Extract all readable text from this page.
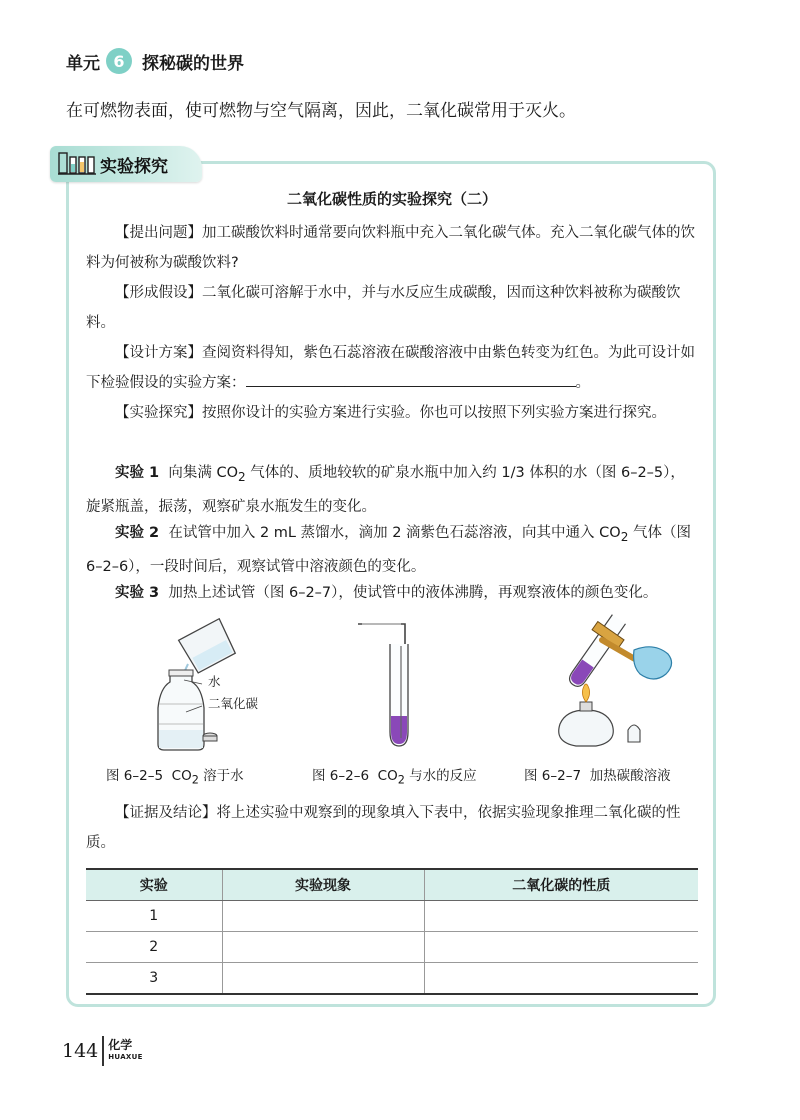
单元 6	探秘碳的世界
在可燃物表面，使可燃物与空气隔离，因此，二氧化碳常用于灭火。
实验探究
二氧化碳性质的实验探究（二）
【提出问题】加工碳酸饮料时通常要向饮料瓶中充入二氧化碳气体。充入二氧化碳气体的饮料为何被称为碳酸饮料?
【形成假设】二氧化碳可溶解于水中，并与水反应生成碳酸，因而这种饮料被称为碳酸饮料。
【设计方案】查阅资料得知，紫色石蕊溶液在碳酸溶液中由紫色转变为红色。为此可设计如下检验假设的实验方案：	。
【实验探究】按照你设计的实验方案进行实验。你也可以按照下列实验方案进行探究。
实验 1 向集满 $CO_2$ 气体的、质地较软的矿泉水瓶中加入约 1/3 体积的水（图 6–2–5），旋紧瓶盖，振荡，观察矿泉水瓶发生的变化。
实验 2 在试管中加入 2 mL 蒸馏水，滴加 2 滴紫色石蕊溶液，向其中通入 $CO_2$ 气体（图 6–2–6），一段时间后，观察试管中溶液颜色的变化。
实验 3 加热上述试管（图 6–2–7），使试管中的液体沸腾，再观察液体的颜色变化。
水
二氧化碳
图 6–2–5 $CO_2$ 溶于水	图 6–2–6 $CO_2$ 与水的反应	图 6–2–7 加热碳酸溶液
【证据及结论】将上述实验中观察到的现象填入下表中，依据实验现象推理二氧化碳的性质。
实验	实验现象	二氧化碳的性质
1		
2		
3		
144 化学
HUAXUE
